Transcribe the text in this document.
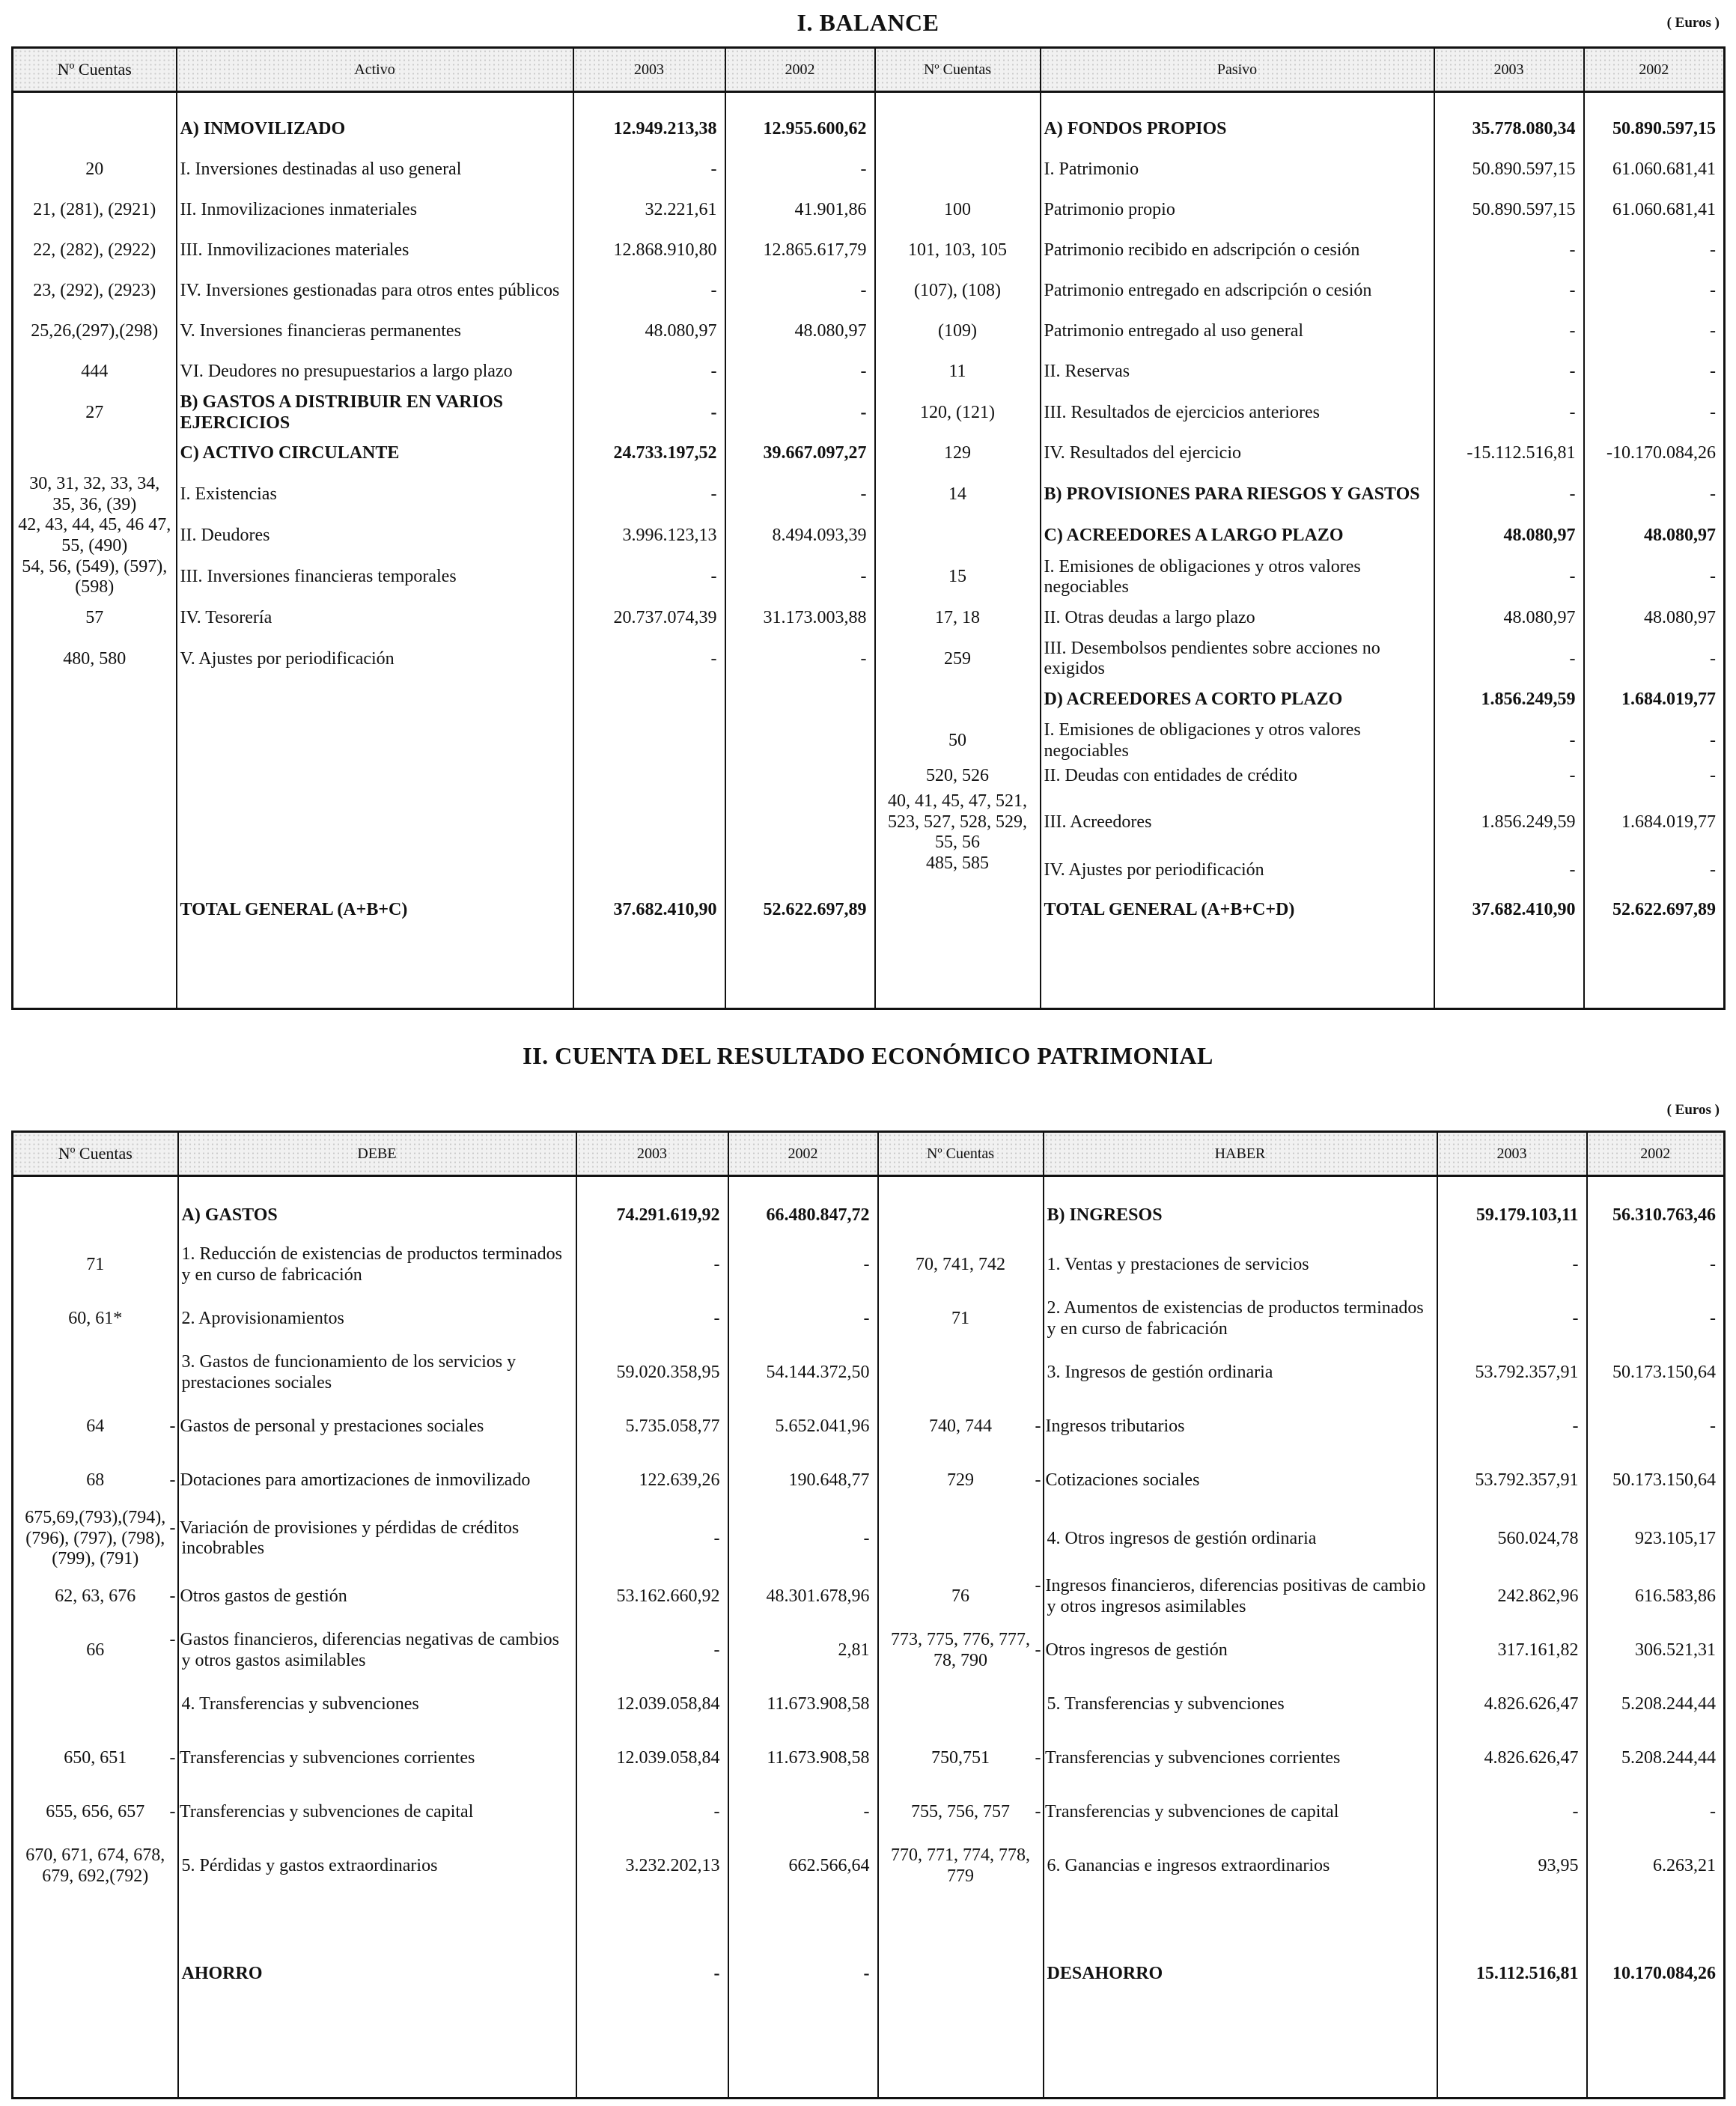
I. BALANCE	( Euros )
Nº Cuentas	Activo	2003	2002	Nº Cuentas	Pasivo	2003	2002

	A) INMOVILIZADO	12.949.213,38	12.955.600,62		A) FONDOS PROPIOS	35.778.080,34	50.890.597,15
20	I. Inversiones destinadas al uso general	-	-		I. Patrimonio	50.890.597,15	61.060.681,41
21, (281), (2921)	II. Inmovilizaciones inmateriales	32.221,61	41.901,86	100	Patrimonio propio	50.890.597,15	61.060.681,41
22, (282), (2922)	III. Inmovilizaciones materiales	12.868.910,80	12.865.617,79	101, 103, 105	Patrimonio recibido en adscripción o cesión	-	-
23, (292), (2923)	IV. Inversiones gestionadas para otros entes públicos	-	-	(107), (108)	Patrimonio entregado en adscripción o cesión	-	-
25,26,(297),(298)	V. Inversiones financieras permanentes	48.080,97	48.080,97	(109)	Patrimonio entregado al uso general	-	-
444	VI. Deudores no presupuestarios a largo plazo	-	-	11	II. Reservas	-	-
27	B) GASTOS A DISTRIBUIR EN VARIOS EJERCICIOS	-	-	120, (121)	III. Resultados de ejercicios anteriores	-	-
	C) ACTIVO CIRCULANTE	24.733.197,52	39.667.097,27	129	IV. Resultados del ejercicio	-15.112.516,81	-10.170.084,26
30, 31, 32, 33, 34, 35, 36, (39)	I. Existencias	-	-	14	B) PROVISIONES PARA RIESGOS Y GASTOS	-	-
42, 43, 44, 45, 46 47, 55, (490)	II. Deudores	3.996.123,13	8.494.093,39		C) ACREEDORES A LARGO PLAZO	48.080,97	48.080,97
54, 56, (549), (597), (598)	III. Inversiones financieras temporales	-	-	15	I. Emisiones de obligaciones y otros valores negociables	-	-
57	IV. Tesorería	20.737.074,39	31.173.003,88	17, 18	II. Otras deudas a largo plazo	48.080,97	48.080,97
480, 580	V. Ajustes por periodificación	-	-	259	III. Desembolsos pendientes sobre acciones no exigidos	-	-
					D) ACREEDORES A CORTO PLAZO	1.856.249,59	1.684.019,77
				50	I. Emisiones de obligaciones y otros valores negociables	-	-
				520, 526	II. Deudas con entidades de crédito	-	-
				40, 41, 45, 47, 521, 523, 527, 528, 529, 55, 56	III. Acreedores	1.856.249,59	1.684.019,77
				485, 585	IV. Ajustes por periodificación	-	-
	TOTAL GENERAL (A+B+C)	37.682.410,90	52.622.697,89		TOTAL GENERAL (A+B+C+D)	37.682.410,90	52.622.697,89

II. CUENTA DEL RESULTADO ECONÓMICO PATRIMONIAL
( Euros )
Nº Cuentas	DEBE	2003	2002	Nº Cuentas	HABER	2003	2002

	A) GASTOS	74.291.619,92	66.480.847,72		B) INGRESOS	59.179.103,11	56.310.763,46
71	1. Reducción de existencias de productos terminados y en curso de fabricación	-	-	70, 741, 742	1. Ventas y prestaciones de servicios	-	-
60, 61*	2. Aprovisionamientos	-	-	71	2. Aumentos de existencias de productos terminados y en curso de fabricación	-	-
	3. Gastos de funcionamiento de los servicios y prestaciones sociales	59.020.358,95	54.144.372,50		3. Ingresos de gestión ordinaria	53.792.357,91	50.173.150,64
64	- Gastos de personal y prestaciones sociales	5.735.058,77	5.652.041,96	740, 744	- Ingresos tributarios	-	-
68	- Dotaciones para amortizaciones de inmovilizado	122.639,26	190.648,77	729	- Cotizaciones sociales	53.792.357,91	50.173.150,64
675,69,(793),(794), (796), (797), (798), (799), (791)	- Variación de provisiones y pérdidas de créditos incobrables	-	-		4. Otros ingresos de gestión ordinaria	560.024,78	923.105,17
62, 63, 676	- Otros gastos de gestión	53.162.660,92	48.301.678,96	76	- Ingresos financieros, diferencias positivas de cambio y otros ingresos asimilables	242.862,96	616.583,86
66	- Gastos financieros, diferencias negativas de cambios y otros gastos asimilables	-	2,81	773, 775, 776, 777, 78, 790	- Otros ingresos de gestión	317.161,82	306.521,31
	4. Transferencias y subvenciones	12.039.058,84	11.673.908,58		5. Transferencias y subvenciones	4.826.626,47	5.208.244,44
650, 651	- Transferencias y subvenciones corrientes	12.039.058,84	11.673.908,58	750,751	- Transferencias y subvenciones corrientes	4.826.626,47	5.208.244,44
655, 656, 657	- Transferencias y subvenciones de capital	-	-	755, 756, 757	- Transferencias y subvenciones de capital	-	-
670, 671, 674, 678, 679, 692,(792)	5. Pérdidas y gastos extraordinarios	3.232.202,13	662.566,64	770, 771, 774, 778, 779	6. Ganancias e ingresos extraordinarios	93,95	6.263,21

	AHORRO	-	-		DESAHORRO	15.112.516,81	10.170.084,26
